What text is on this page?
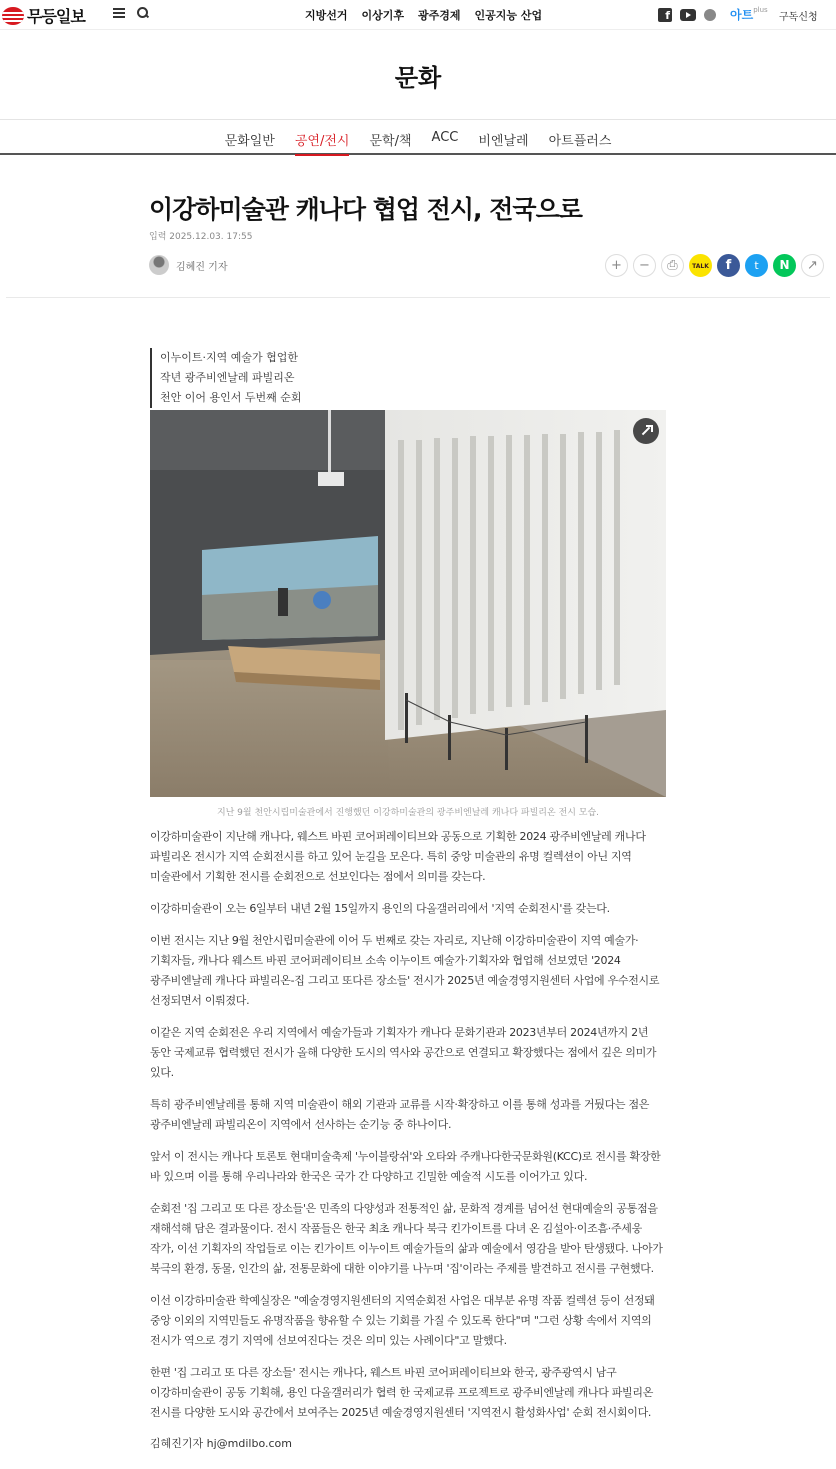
무등일보	지방선거 이상기후 광주경제 인공지능 산업	f	아트$^{plus}$
구독신청
문화
문화일반 공연/전시 문학/책 ACC 비엔날레 아트플러스
이강하미술관 캐나다 협업 전시, 전국으로
입력 2025.12.03. 17:55
김혜진 기자	+	−	⎙	TALK	f	t	N	↗
이누이트·지역 예술가 협업한
작년 광주비엔날레 파빌리온
천안 이어 용인서 두번째 순회
지난 9월 천안시립미술관에서 진행했던 이강하미술관의 광주비엔날레 캐나다 파빌리온 전시 모습.

이강하미술관이 지난해 캐나다, 웨스트 바핀 코어퍼레이티브와 공동으로 기획한 2024 광주비엔날레 캐나다 파빌리온 전시가 지역 순회전시를 하고 있어 눈길을 모은다. 특히 중앙 미술관의 유명 컬렉션이 아닌 지역 미술관에서 기획한 전시를 순회전으로 선보인다는 점에서 의미를 갖는다.

이강하미술관이 오는 6일부터 내년 2월 15일까지 용인의 다올갤러리에서 '지역 순회전시'를 갖는다.

이번 전시는 지난 9월 천안시립미술관에 이어 두 번째로 갖는 자리로, 지난해 이강하미술관이 지역 예술가·기획자들, 캐나다 웨스트 바핀 코어퍼레이티브 소속 이누이트 예술가·기획자와 협업해 선보였던 '2024 광주비엔날레 캐나다 파빌리온-집 그리고 또다른 장소들' 전시가 2025년 예술경영지원센터 사업에 우수전시로 선정되면서 이뤄졌다.

이같은 지역 순회전은 우리 지역에서 예술가들과 기획자가 캐나다 문화기관과 2023년부터 2024년까지 2년 동안 국제교류 협력했던 전시가 올해 다양한 도시의 역사와 공간으로 연결되고 확장했다는 점에서 깊은 의미가 있다.

특히 광주비엔날레를 통해 지역 미술관이 해외 기관과 교류를 시작·확장하고 이를 통해 성과를 거뒀다는 점은 광주비엔날레 파빌리온이 지역에서 선사하는 순기능 중 하나이다.

앞서 이 전시는 캐나다 토론토 현대미술축제 '누이블랑쉬'와 오타와 주캐나다한국문화원(KCC)로 전시를 확장한 바 있으며 이를 통해 우리나라와 한국은 국가 간 다양하고 긴밀한 예술적 시도를 이어가고 있다.

순회전 '집 그리고 또 다른 장소들'은 민족의 다양성과 전통적인 삶, 문화적 경계를 넘어선 현대예술의 공통점을 재해석해 담은 결과물이다. 전시 작품들은 한국 최초 캐나다 북극 킨가이트를 다녀 온 김설아·이조흠·주세웅 작가, 이선 기획자의 작업들로 이는 킨가이트 이누이트 예술가들의 삶과 예술에서 영감을 받아 탄생됐다. 나아가 북극의 환경, 동물, 인간의 삶, 전통문화에 대한 이야기를 나누며 '집'이라는 주제를 발견하고 전시를 구현했다.

이선 이강하미술관 학예실장은 "예술경영지원센터의 지역순회전 사업은 대부분 유명 작품 컬렉션 등이 선정돼 중앙 이외의 지역민들도 유명작품을 향유할 수 있는 기회를 가질 수 있도록 한다"며 "그런 상황 속에서 지역의 전시가 역으로 경기 지역에 선보여진다는 것은 의미 있는 사례이다"고 말했다.

한편 '집 그리고 또 다른 장소들' 전시는 캐나다, 웨스트 바핀 코어퍼레이티브와 한국, 광주광역시 남구 이강하미술관이 공동 기획해, 용인 다올갤러리가 협력 한 국제교류 프로젝트로 광주비엔날레 캐나다 파빌리온 전시를 다양한 도시와 공간에서 보여주는 2025년 예술경영지원센터 '지역전시 활성화사업' 순회 전시회이다.

김혜진기자 hj@mdilbo.com
